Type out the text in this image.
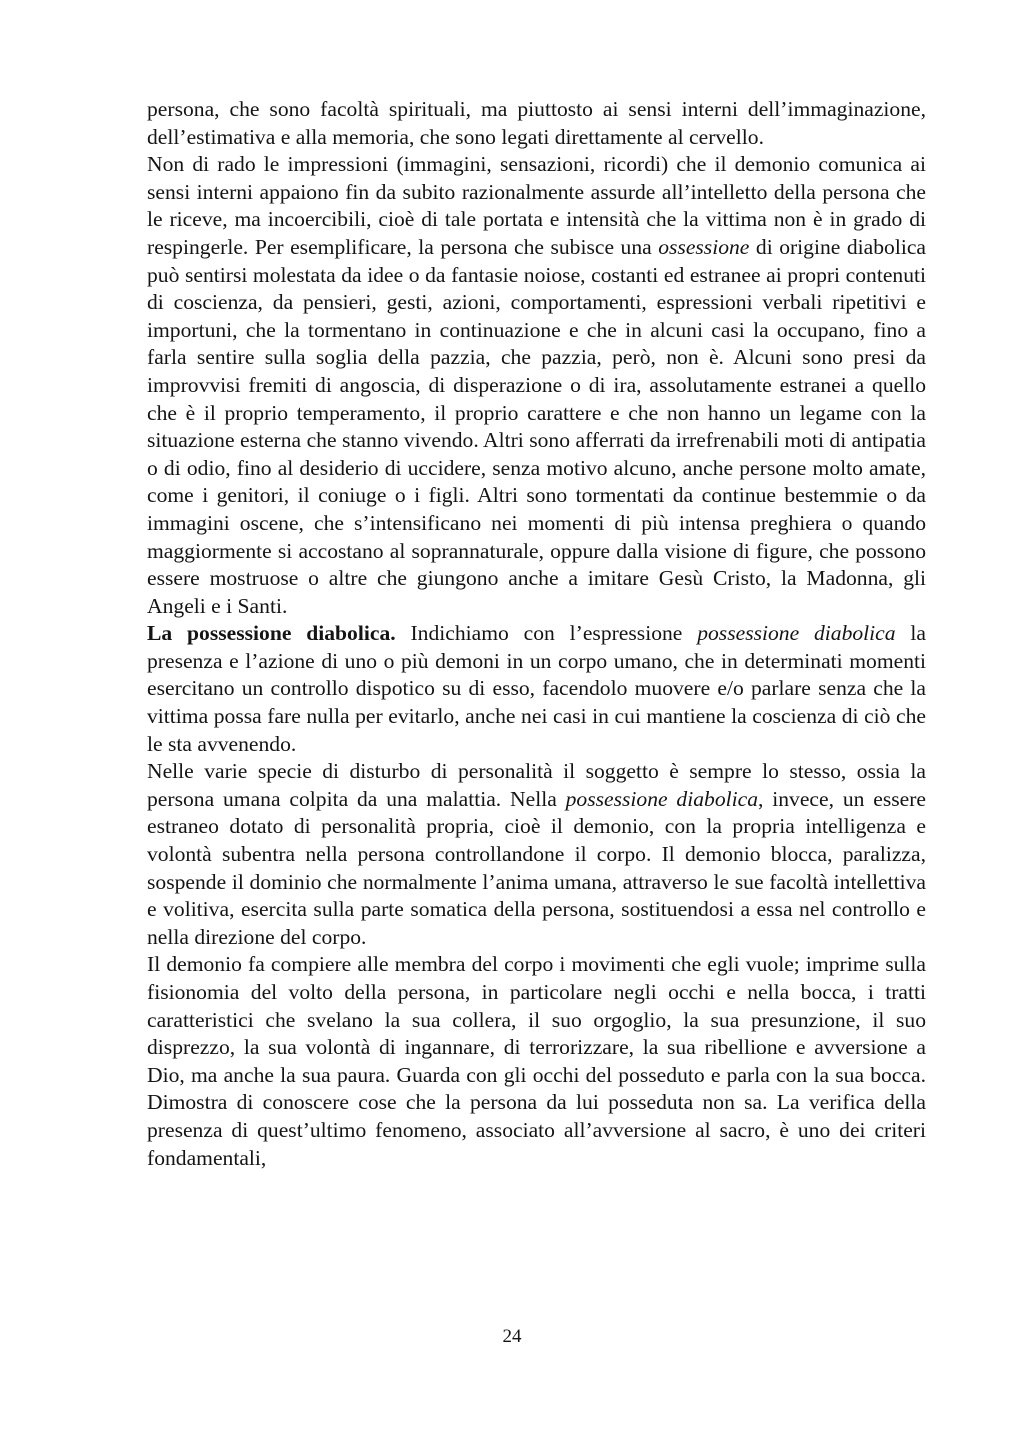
persona, che sono facoltà spirituali, ma piuttosto ai sensi interni dell’immaginazione, dell’estimativa e alla memoria, che sono legati direttamente al cervello.

Non di rado le impressioni (immagini, sensazioni, ricordi) che il demonio comunica ai sensi interni appaiono fin da subito razionalmente assurde all’intelletto della persona che le riceve, ma incoercibili, cioè di tale portata e intensità che la vittima non è in grado di respingerle. Per esemplificare, la persona che subisce una ossessione di origine diabolica può sentirsi molestata da idee o da fantasie noiose, costanti ed estranee ai propri contenuti di coscienza, da pensieri, gesti, azioni, comportamenti, espressioni verbali ripetitivi e importuni, che la tormentano in continuazione e che in alcuni casi la occupano, fino a farla sentire sulla soglia della pazzia, che pazzia, però, non è. Alcuni sono presi da improvvisi fremiti di angoscia, di disperazione o di ira, assolutamente estranei a quello che è il proprio temperamento, il proprio carattere e che non hanno un legame con la situazione esterna che stanno vivendo. Altri sono afferrati da irrefrenabili moti di antipatia o di odio, fino al desiderio di uccidere, senza motivo alcuno, anche persone molto amate, come i genitori, il coniuge o i figli. Altri sono tormentati da continue bestemmie o da immagini oscene, che s’intensificano nei momenti di più intensa preghiera o quando maggiormente si accostano al soprannaturale, oppure dalla visione di figure, che possono essere mostruose o altre che giungono anche a imitare Gesù Cristo, la Madonna, gli Angeli e i Santi.

La possessione diabolica. Indichiamo con l’espressione possessione diabolica la presenza e l’azione di uno o più demoni in un corpo umano, che in determinati momenti esercitano un controllo dispotico su di esso, facendolo muovere e/o parlare senza che la vittima possa fare nulla per evitarlo, anche nei casi in cui mantiene la coscienza di ciò che le sta avvenendo.

Nelle varie specie di disturbo di personalità il soggetto è sempre lo stesso, ossia la persona umana colpita da una malattia. Nella possessione diabolica, invece, un essere estraneo dotato di personalità propria, cioè il demonio, con la propria intelligenza e volontà subentra nella persona controllandone il corpo. Il demonio blocca, paralizza, sospende il dominio che normalmente l’anima umana, attraverso le sue facoltà intellettiva e volitiva, esercita sulla parte somatica della persona, sostituendosi a essa nel controllo e nella direzione del corpo.

Il demonio fa compiere alle membra del corpo i movimenti che egli vuole; imprime sulla fisionomia del volto della persona, in particolare negli occhi e nella bocca, i tratti caratteristici che svelano la sua collera, il suo orgoglio, la sua presunzione, il suo disprezzo, la sua volontà di ingannare, di terrorizzare, la sua ribellione e avversione a Dio, ma anche la sua paura. Guarda con gli occhi del posseduto e parla con la sua bocca. Dimostra di conoscere cose che la persona da lui posseduta non sa. La verifica della presenza di quest’ultimo fenomeno, associato all’avversione al sacro, è uno dei criteri fondamentali,

24
